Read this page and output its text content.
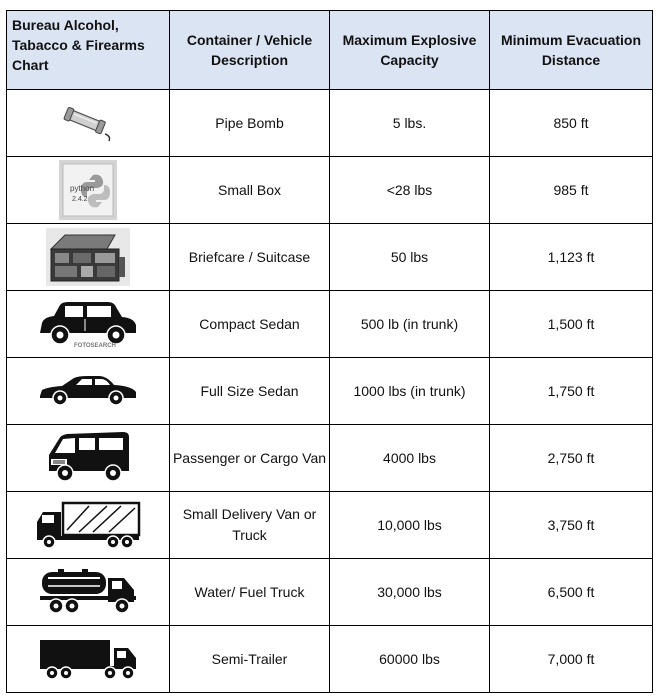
Bureau Alcohol, Tabacco & Firearms Chart	Container / Vehicle Description	Maximum Explosive Capacity	Minimum Evacuation Distance

	Pipe Bomb	5 lbs.	850 ft

python
2.4.2	Small Box	<28 lbs	985 ft

	Briefcare / Suitcase	50 lbs	1,123 ft

FOTOSEARCH	Compact Sedan	500 lb (in trunk)	1,500 ft

	Full Size Sedan	1000 lbs (in trunk)	1,750 ft

	Passenger or Cargo Van	4000 lbs	2,750 ft

	Small Delivery Van or Truck	10,000 lbs	3,750 ft

	Water/ Fuel Truck	30,000 lbs	6,500 ft

	Semi-Trailer	60000 lbs	7,000 ft
